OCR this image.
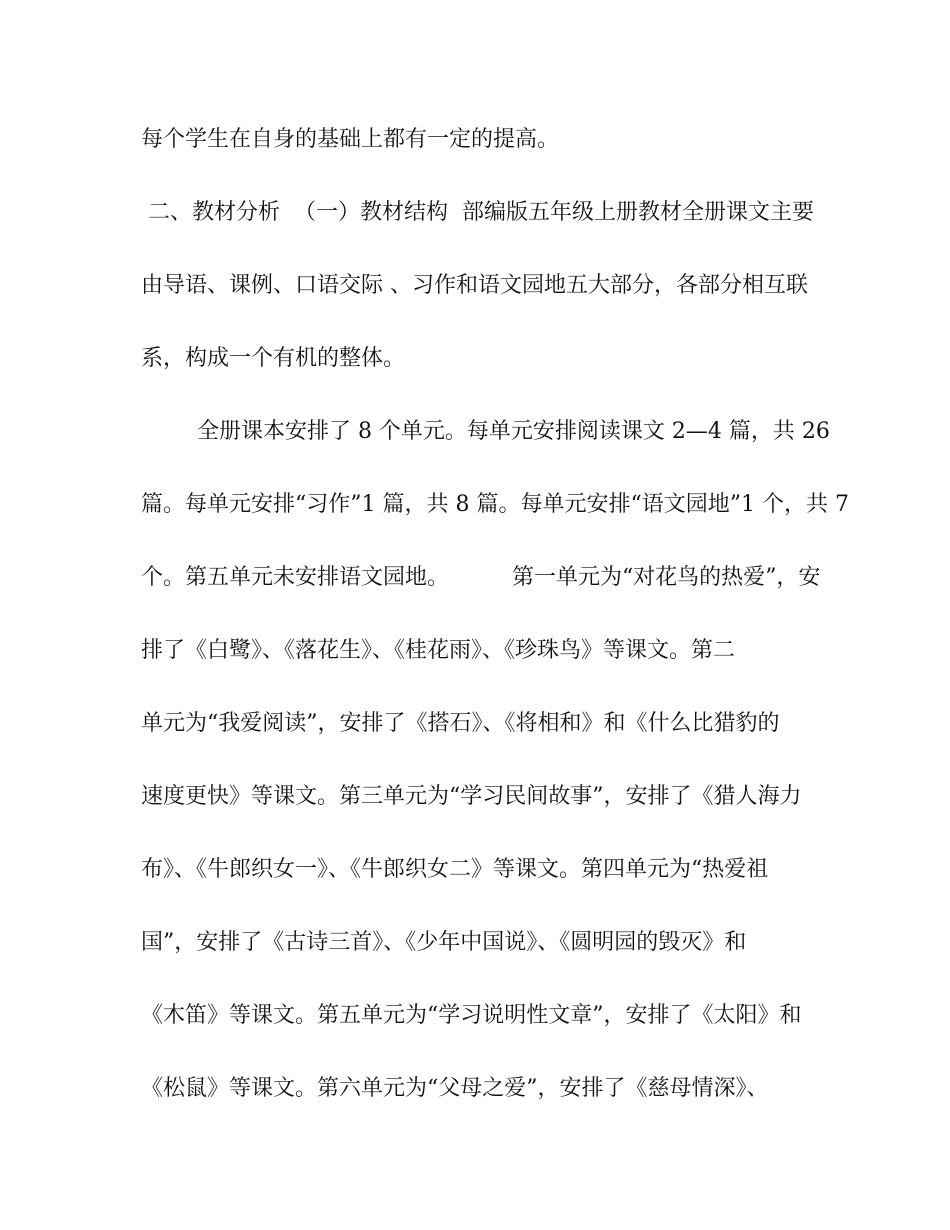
每个学生在自身的基础上都有一定的提高。

二、教材分析  （一）教材结构  部编版五年级上册教材全册课文主要

由导语、课例、口语交际 、习作和语文园地五大部分，各部分相互联

系，构成一个有机的整体。

全册课本安排了 8 个单元。每单元安排阅读课文 2—4 篇，共 26

篇。每单元安排“习作”1 篇，共 8 篇。每单元安排“语文园地”1 个，共 7

个。第五单元未安排语文园地。         第一单元为“对花鸟的热爱”，安

排了《白鹭》、《落花生》、《桂花雨》、《珍珠鸟》等课文。第二

单元为“我爱阅读”，安排了《搭石》、《将相和》和《什么比猎豹的

速度更快》等课文。第三单元为“学习民间故事”，安排了《猎人海力

布》、《牛郎织女一》、《牛郎织女二》等课文。第四单元为“热爱祖

国”，安排了《古诗三首》、《少年中国说》、《圆明园的毁灭》和

《木笛》等课文。第五单元为“学习说明性文章”，安排了《太阳》和

《松鼠》等课文。第六单元为“父母之爱”，安排了《慈母情深》、
